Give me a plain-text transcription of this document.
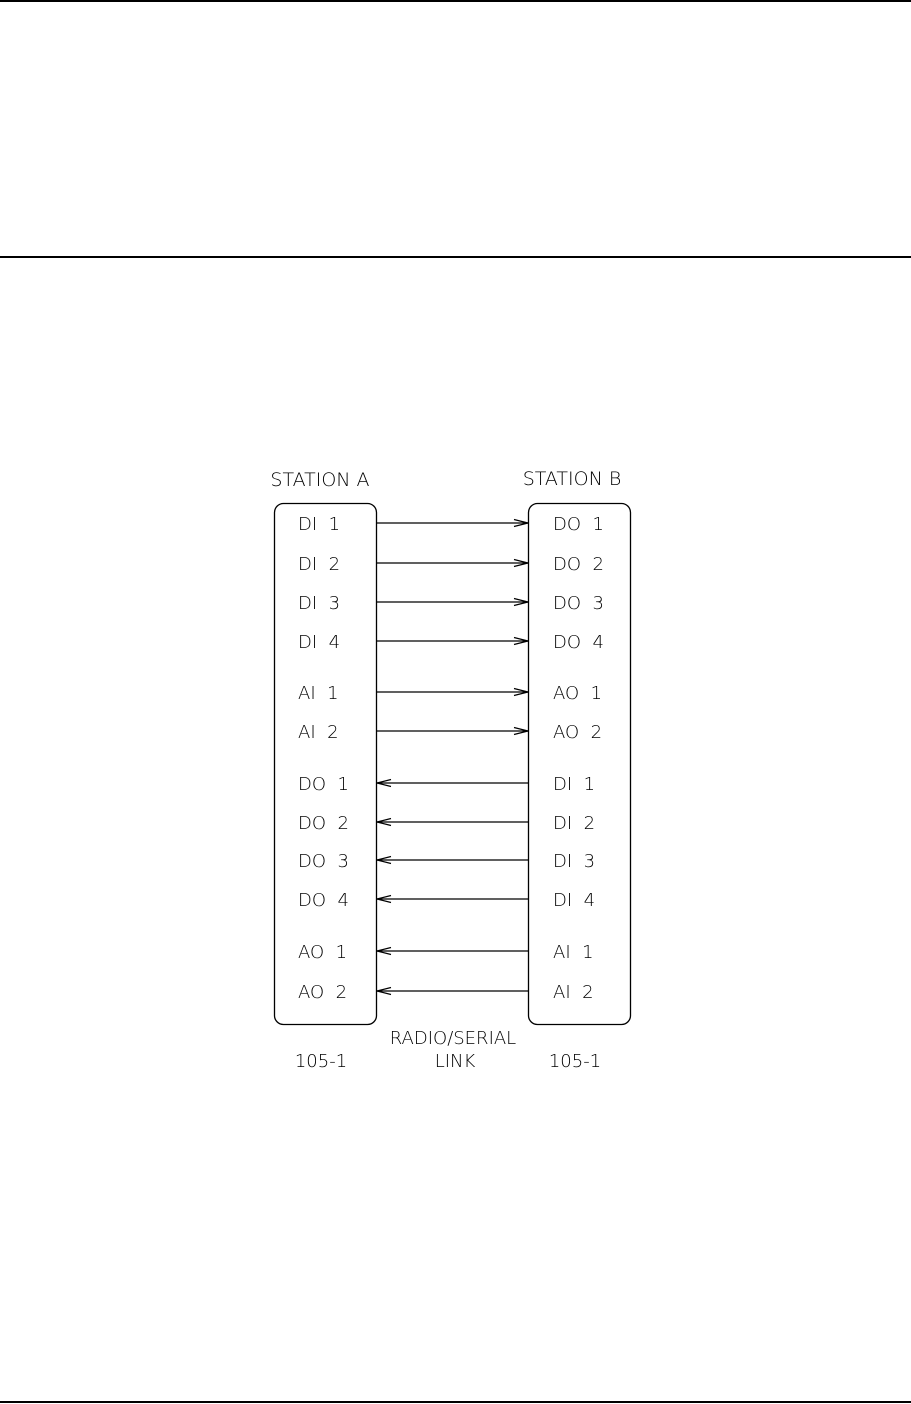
STATION A	STATION B
DI  1
DI  2
DI  3
DI  4
AI  1
AI  2
DO  1
DO  2
DO  3
DO  4
AO  1
AO  2
DO  1
DO  2
DO  3
DO  4
AO  1
AO  2
DI  1
DI  2
DI  3
DI  4
AI  1
AI  2
RADIO/SERIAL
LINK
105-1	105-1
